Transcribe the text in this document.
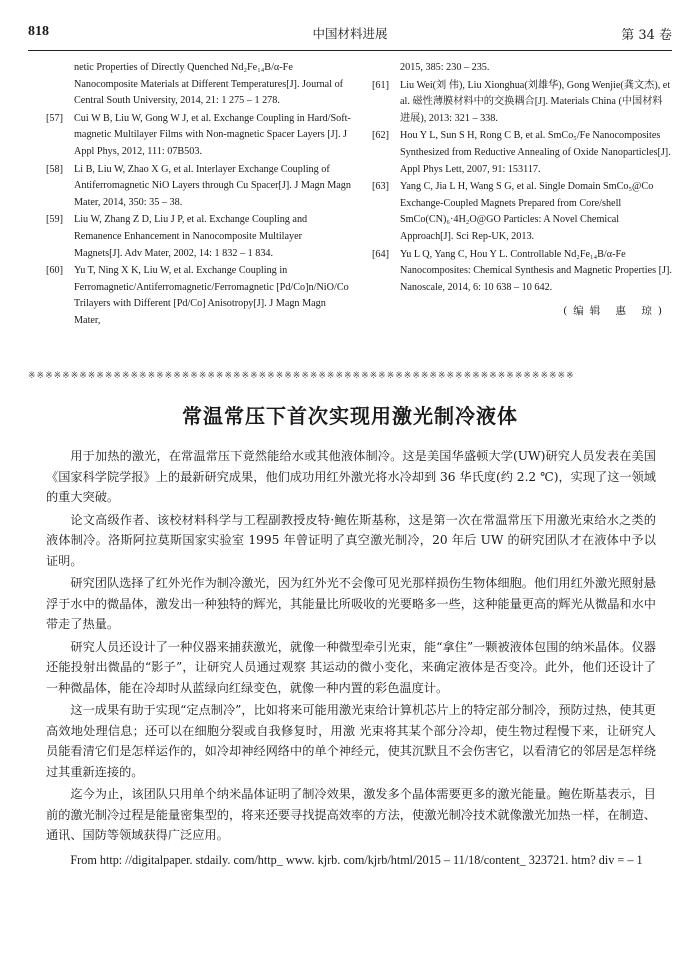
818	中国材料进展	第 34 卷
netic Properties of Directly Quenched Nd₂Fe₁₄B/α-Fe Nanocomposite Materials at Different Temperatures[J]. Journal of Central South University, 2014, 21: 1 275 – 1 278.
[57] Cui W B, Liu W, Gong W J, et al. Exchange Coupling in Hard/Soft-magnetic Multilayer Films with Non-magnetic Spacer Layers [J]. J Appl Phys, 2012, 111: 07B503.
[58] Li B, Liu W, Zhao X G, et al. Interlayer Exchange Coupling of Antiferromagnetic NiO Layers through Cu Spacer[J]. J Magn Magn Mater, 2014, 350: 35 – 38.
[59] Liu W, Zhang Z D, Liu J P, et al. Exchange Coupling and Remanence Enhancement in Nanocomposite Multilayer Magnets[J]. Adv Mater, 2002, 14: 1 832 – 1 834.
[60] Yu T, Ning X K, Liu W, et al. Exchange Coupling in Ferromagnetic/Antiferromagnetic/Ferromagnetic [Pd/Co]n/NiO/Co Trilayers with Different [Pd/Co] Anisotropy[J]. J Magn Magn Mater,
2015, 385: 230 – 235.
[61] Liu Wei(刘 伟), Liu Xionghua(刘雄华), Gong Wenjie(龚文杰), et al. 磁性薄膜材料中的交换耦合[J]. Materials China (中国材料进展), 2013: 321 – 338.
[62] Hou Y L, Sun S H, Rong C B, et al. SmCo₅/Fe Nanocomposites Synthesized from Reductive Annealing of Oxide Nanoparticles[J]. Appl Phys Lett, 2007, 91: 153117.
[63] Yang C, Jia L H, Wang S G, et al. Single Domain SmCo₅@Co Exchange-Coupled Magnets Prepared from Core/shell SmCo(CN)₆·4H₂O@GO Particles: A Novel Chemical Approach[J]. Sci Rep-UK, 2013.
[64] Yu L Q, Yang C, Hou Y L. Controllable Nd₂Fe₁₄B/α-Fe Nanocomposites: Chemical Synthesis and Magnetic Properties [J]. Nanoscale, 2014, 6: 10 638 – 10 642.
(编辑 惠 琼)
※※※※※※※※※※※※※※※※※※※※※※※※※※※※※※※※※※※※※※※※※※※※※※※※※※※※※※※※※※※※※※※※
常温常压下首次实现用激光制冷液体

用于加热的激光，在常温常压下竟然能给水或其他液体制冷。这是美国华盛顿大学(UW)研究人员发表在美国《国家科学院学报》上的最新研究成果，他们成功用红外激光将水冷却到 36 华氏度(约 2.2 ℃)，实现了这一领域的重大突破。

论文高级作者、该校材料科学与工程副教授皮特·鲍佐斯基称，这是第一次在常温常压下用激光束给水之类的液体制冷。洛斯阿拉莫斯国家实验室 1995 年曾证明了真空激光制冷，20 年后 UW 的研究团队才在液体中予以证明。

研究团队选择了红外光作为制冷激光，因为红外光不会像可见光那样损伤生物体细胞。他们用红外激光照射悬浮于水中的微晶体，激发出一种独特的辉光，其能量比所吸收的光要略多一些，这种能量更高的辉光从微晶和水中带走了热量。

研究人员还设计了一种仪器来捕获激光，就像一种微型牵引光束，能“拿住”一颗被液体包围的纳米晶体。仪器还能投射出微晶的“影子”，让研究人员通过观察 其运动的微小变化，来确定液体是否变冷。此外，他们还设计了一种微晶体，能在冷却时从蓝绿向红绿变色，就像一种内置的彩色温度计。

这一成果有助于实现“定点制冷”，比如将来可能用激光束给计算机芯片上的特定部分制冷，预防过热，使其更高效地处理信息；还可以在细胞分裂或自我修复时，用激 光束将其某个部分冷却，使生物过程慢下来，让研究人员能看清它们是怎样运作的，如冷却神经网络中的单个神经元，使其沉默且不会伤害它，以看清它的邻居是怎样绕过其重新连接的。

迄今为止，该团队只用单个纳米晶体证明了制冷效果，激发多个晶体需要更多的激光能量。鲍佐斯基表示，目前的激光制冷过程是能量密集型的，将来还要寻找提高效率的方法，使激光制冷技术就像激光加热一样，在制造、通讯、国防等领域获得广泛应用。

From http: //digitalpaper. stdaily. com/http_ www. kjrb. com/kjrb/html/2015 – 11/18/content_ 323721. htm? div = – 1
